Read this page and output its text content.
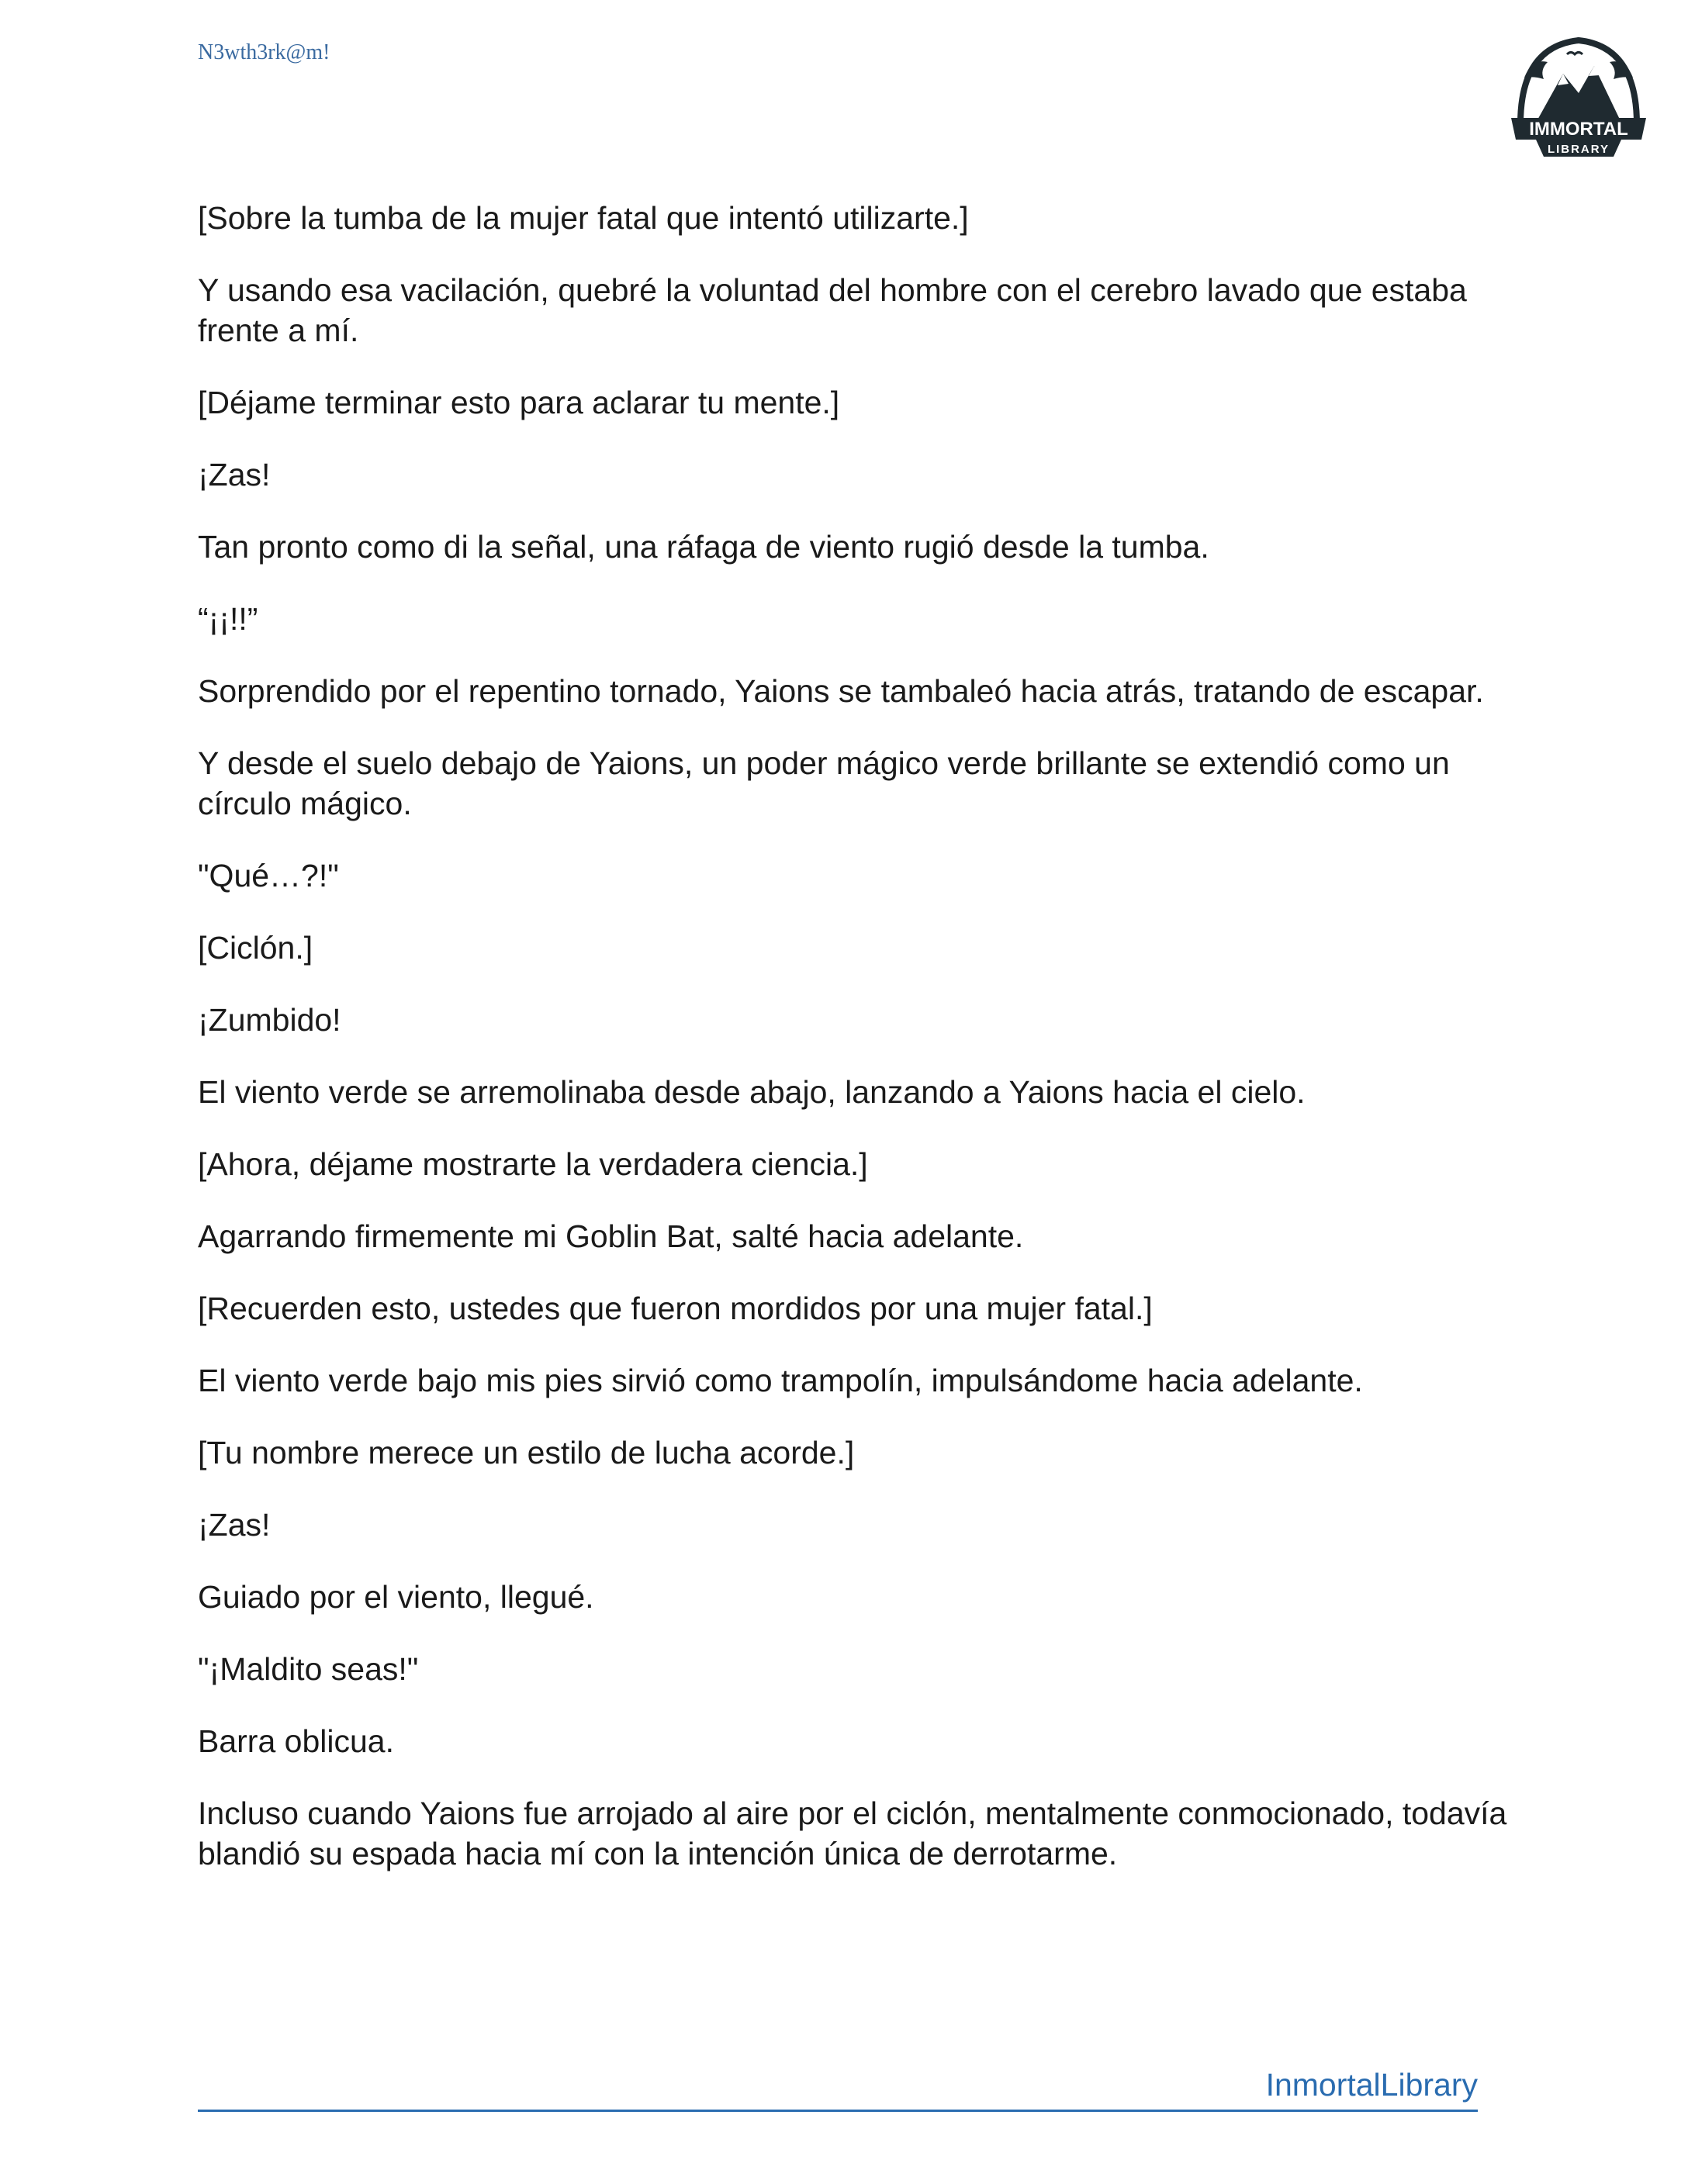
N3wth3rk@m!
IMMORTAL
LIBRARY

[Sobre la tumba de la mujer fatal que intentó utilizarte.]

Y usando esa vacilación, quebré la voluntad del hombre con el cerebro lavado que estaba frente a mí.

[Déjame terminar esto para aclarar tu mente.]

¡Zas!

Tan pronto como di la señal, una ráfaga de viento rugió desde la tumba.

“¡¡!!”

Sorprendido por el repentino tornado, Yaions se tambaleó hacia atrás, tratando de escapar.

Y desde el suelo debajo de Yaions, un poder mágico verde brillante se extendió como un círculo mágico.

"Qué…?!"

[Ciclón.]

¡Zumbido!

El viento verde se arremolinaba desde abajo, lanzando a Yaions hacia el cielo.

[Ahora, déjame mostrarte la verdadera ciencia.]

Agarrando firmemente mi Goblin Bat, salté hacia adelante.

[Recuerden esto, ustedes que fueron mordidos por una mujer fatal.]

El viento verde bajo mis pies sirvió como trampolín, impulsándome hacia adelante.

[Tu nombre merece un estilo de lucha acorde.]

¡Zas!

Guiado por el viento, llegué.

"¡Maldito seas!"

Barra oblicua.

Incluso cuando Yaions fue arrojado al aire por el ciclón, mentalmente conmocionado, todavía blandió su espada hacia mí con la intención única de derrotarme.

InmortalLibrary
